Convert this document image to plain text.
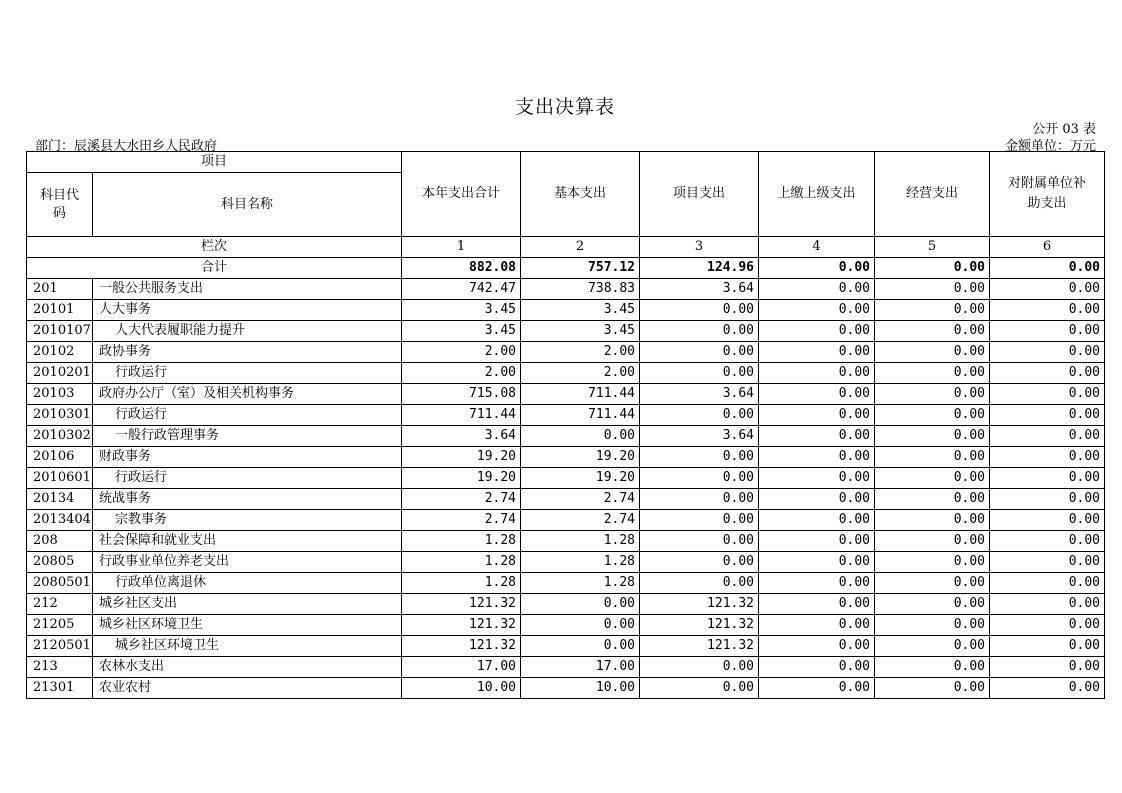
支出决算表
公开 03 表
部门：辰溪县大水田乡人民政府	金额单位：万元
项目		本年支出合计	基本支出	项目支出	上缴上级支出	经营支出	对附属单位补助支出
科目代码	科目名称						
栏次		1	2	3	4	5	6
合计		882.08	757.12	124.96	0.00	0.00	0.00
201	一般公共服务支出	742.47	738.83	3.64	0.00	0.00	0.00
20101	人大事务	3.45	3.45	0.00	0.00	0.00	0.00
2010107	人大代表履职能力提升	3.45	3.45	0.00	0.00	0.00	0.00
20102	政协事务	2.00	2.00	0.00	0.00	0.00	0.00
2010201	行政运行	2.00	2.00	0.00	0.00	0.00	0.00
20103	政府办公厅（室）及相关机构事务	715.08	711.44	3.64	0.00	0.00	0.00
2010301	行政运行	711.44	711.44	0.00	0.00	0.00	0.00
2010302	一般行政管理事务	3.64	0.00	3.64	0.00	0.00	0.00
20106	财政事务	19.20	19.20	0.00	0.00	0.00	0.00
2010601	行政运行	19.20	19.20	0.00	0.00	0.00	0.00
20134	统战事务	2.74	2.74	0.00	0.00	0.00	0.00
2013404	宗教事务	2.74	2.74	0.00	0.00	0.00	0.00
208	社会保障和就业支出	1.28	1.28	0.00	0.00	0.00	0.00
20805	行政事业单位养老支出	1.28	1.28	0.00	0.00	0.00	0.00
2080501	行政单位离退休	1.28	1.28	0.00	0.00	0.00	0.00
212	城乡社区支出	121.32	0.00	121.32	0.00	0.00	0.00
21205	城乡社区环境卫生	121.32	0.00	121.32	0.00	0.00	0.00
2120501	城乡社区环境卫生	121.32	0.00	121.32	0.00	0.00	0.00
213	农林水支出	17.00	17.00	0.00	0.00	0.00	0.00
21301	农业农村	10.00	10.00	0.00	0.00	0.00	0.00
